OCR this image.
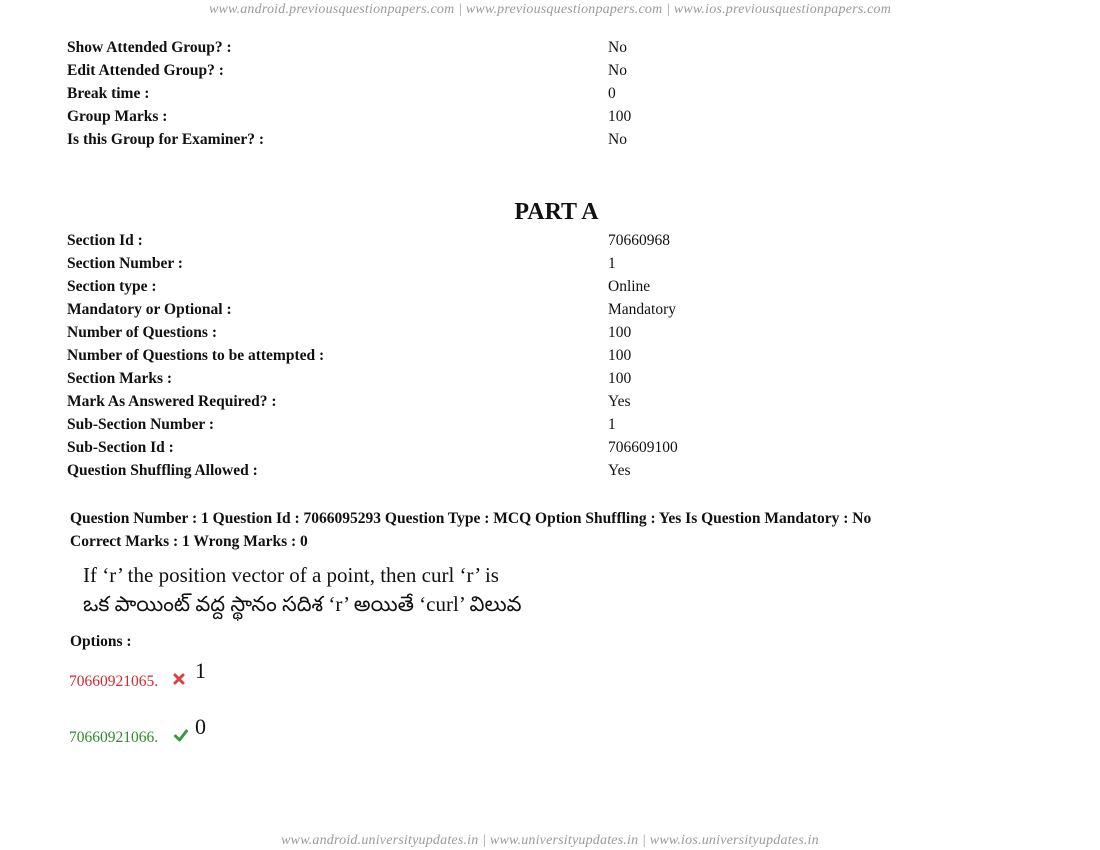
www.android.previousquestionpapers.com | www.previousquestionpapers.com | www.ios.previousquestionpapers.com
Show Attended Group? :	No
Edit Attended Group? :	No
Break time :	0
Group Marks :	100
Is this Group for Examiner? :	No
PART A
Section Id :	70660968
Section Number :	1
Section type :	Online
Mandatory or Optional :	Mandatory
Number of Questions :	100
Number of Questions to be attempted :	100
Section Marks :	100
Mark As Answered Required? :	Yes
Sub-Section Number :	1
Sub-Section Id :	706609100
Question Shuffling Allowed :	Yes
Question Number : 1 Question Id : 7066095293 Question Type : MCQ Option Shuffling : Yes Is Question Mandatory : No
Correct Marks : 1 Wrong Marks : 0
If ‘r’ the position vector of a point, then curl ‘r’ is
ఒక పాయింట్ వద్ద స్థానం సదిశ ‘r’ అయితే ‘curl’ విలువ
Options :
70660921065. 1
70660921066. 0
www.android.universityupdates.in | www.universityupdates.in | www.ios.universityupdates.in
